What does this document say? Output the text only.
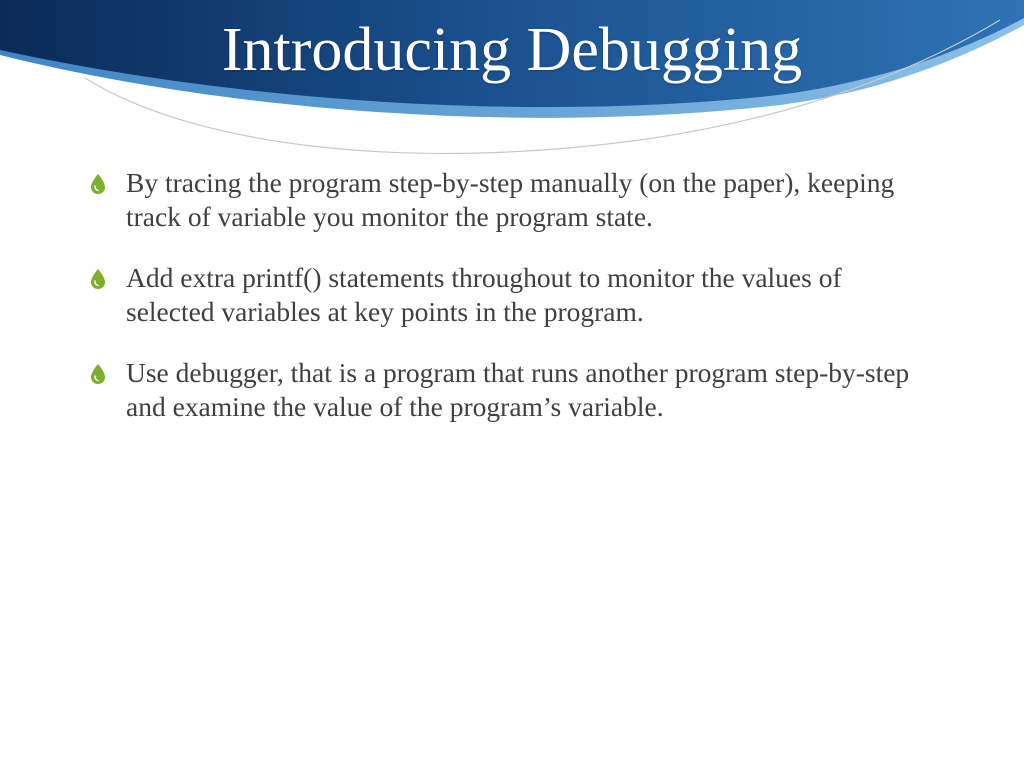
Introducing Debugging
By tracing the program step-by-step manually (on the paper), keeping track of variable you monitor the program state.
Add extra printf() statements throughout to monitor the values of selected variables at key points in the program.
Use debugger, that is a program that runs another program step-by-step and examine the value of the program’s variable.
